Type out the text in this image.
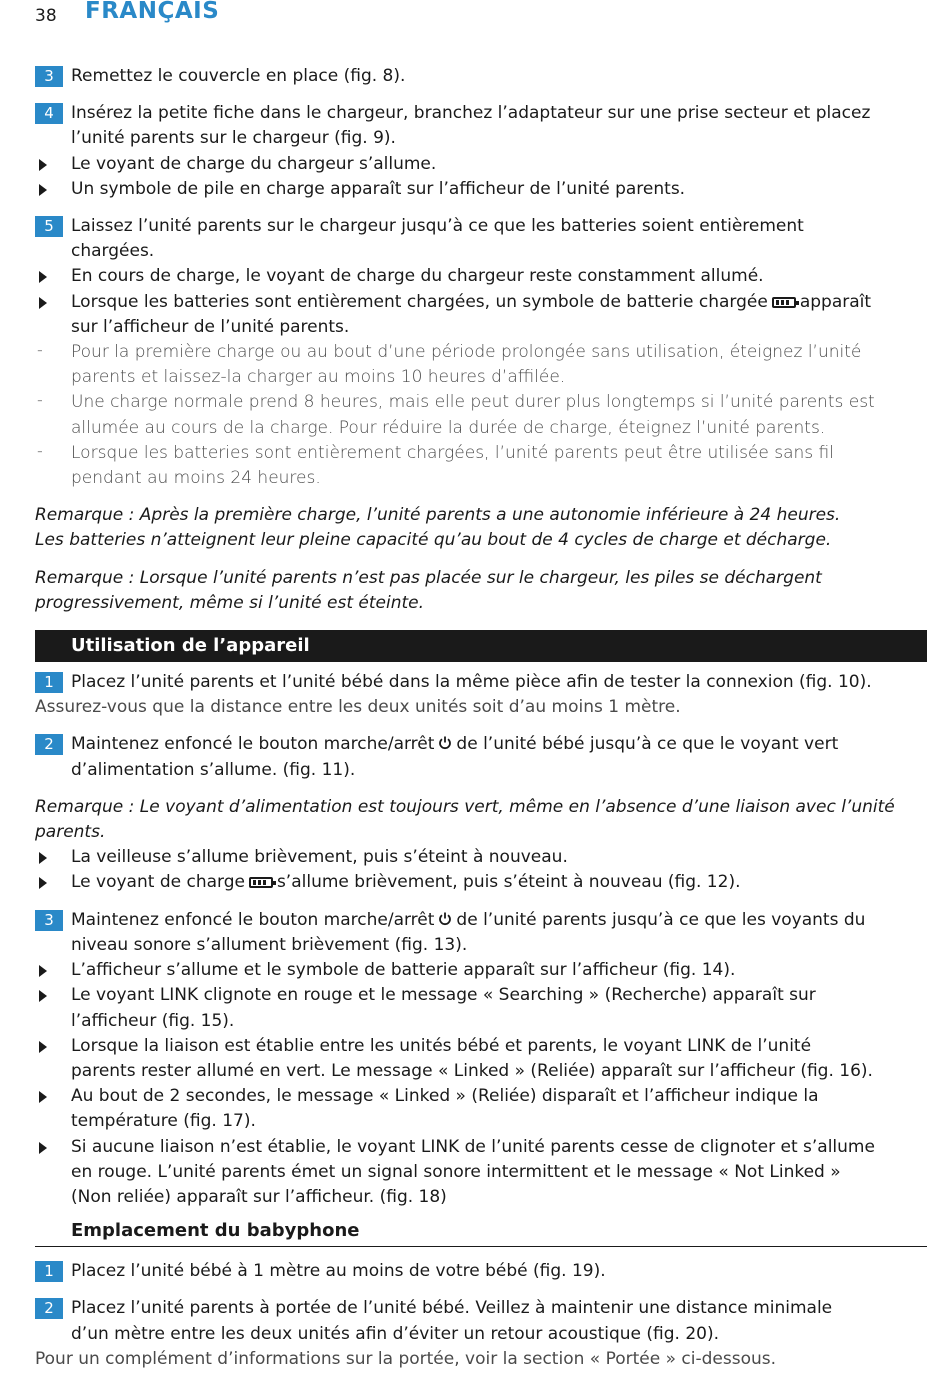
38 FRANÇAIS
3	Remettez le couvercle en place (fig. 8).
4	Insérez la petite fiche dans le chargeur, branchez l’adaptateur sur une prise secteur et placez
l’unité parents sur le chargeur (fig. 9).
Le voyant de charge du chargeur s’allume.
Un symbole de pile en charge apparaît sur l’afficheur de l’unité parents.
5	Laissez l’unité parents sur le chargeur jusqu’à ce que les batteries soient entièrement
chargées.
En cours de charge, le voyant de charge du chargeur reste constamment allumé.
Lorsque les batteries sont entièrement chargées, un symbole de batterie chargée apparaît
sur l’afficheur de l’unité parents.
- Pour la première charge ou au bout d’une période prolongée sans utilisation, éteignez l’unité
parents et laissez-la charger au moins 10 heures d’affilée.
- Une charge normale prend 8 heures, mais elle peut durer plus longtemps si l’unité parents est
allumée au cours de la charge. Pour réduire la durée de charge, éteignez l’unité parents.
- Lorsque les batteries sont entièrement chargées, l’unité parents peut être utilisée sans fil
pendant au moins 24 heures.
Remarque : Après la première charge, l’unité parents a une autonomie inférieure à 24 heures.
Les batteries n’atteignent leur pleine capacité qu’au bout de 4 cycles de charge et décharge.
Remarque : Lorsque l’unité parents n’est pas placée sur le chargeur, les piles se déchargent
progressivement, même si l’unité est éteinte.
Utilisation de l’appareil
1	Placez l’unité parents et l’unité bébé dans la même pièce afin de tester la connexion (fig. 10).
Assurez-vous que la distance entre les deux unités soit d’au moins 1 mètre.
2	Maintenez enfoncé le bouton marche/arrêt de l’unité bébé jusqu’à ce que le voyant vert
d’alimentation s’allume. (fig. 11).
Remarque : Le voyant d’alimentation est toujours vert, même en l’absence d’une liaison avec l’unité
parents.
La veilleuse s’allume brièvement, puis s’éteint à nouveau.
Le voyant de charge s’allume brièvement, puis s’éteint à nouveau (fig. 12).
3	Maintenez enfoncé le bouton marche/arrêt de l’unité parents jusqu’à ce que les voyants du
niveau sonore s’allument brièvement (fig. 13).
L’afficheur s’allume et le symbole de batterie apparaît sur l’afficheur (fig. 14).
Le voyant LINK clignote en rouge et le message « Searching » (Recherche) apparaît sur
l’afficheur (fig. 15).
Lorsque la liaison est établie entre les unités bébé et parents, le voyant LINK de l’unité
parents rester allumé en vert. Le message « Linked » (Reliée) apparaît sur l’afficheur (fig. 16).
Au bout de 2 secondes, le message « Linked » (Reliée) disparaît et l’afficheur indique la
température (fig. 17).
Si aucune liaison n’est établie, le voyant LINK de l’unité parents cesse de clignoter et s’allume
en rouge. L’unité parents émet un signal sonore intermittent et le message « Not Linked »
(Non reliée) apparaît sur l’afficheur. (fig. 18)
Emplacement du babyphone
1	Placez l’unité bébé à 1 mètre au moins de votre bébé (fig. 19).
2	Placez l’unité parents à portée de l’unité bébé. Veillez à maintenir une distance minimale
d’un mètre entre les deux unités afin d’éviter un retour acoustique (fig. 20).
Pour un complément d’informations sur la portée, voir la section « Portée » ci-dessous.
